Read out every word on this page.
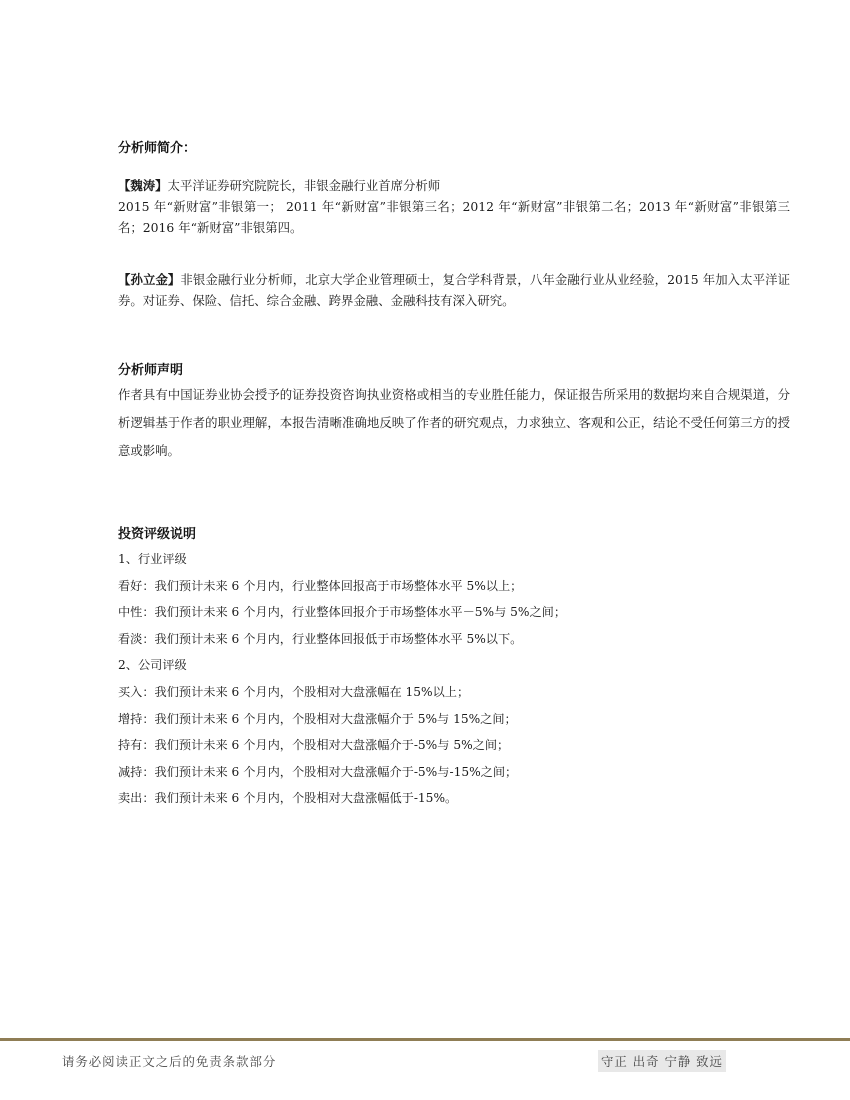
分析师简介：
【魏涛】太平洋证券研究院院长，非银金融行业首席分析师
2015 年“新财富”非银第一； 2011 年“新财富”非银第三名；2012 年“新财富”非银第二名；2013 年“新财富”非银第三名；2016 年“新财富”非银第四。
【孙立金】非银金融行业分析师，北京大学企业管理硕士，复合学科背景，八年金融行业从业经验，2015 年加入太平洋证券。对证券、保险、信托、综合金融、跨界金融、金融科技有深入研究。
分析师声明
作者具有中国证券业协会授予的证券投资咨询执业资格或相当的专业胜任能力，保证报告所采用的数据均来自合规渠道，分析逻辑基于作者的职业理解，本报告清晰准确地反映了作者的研究观点，力求独立、客观和公正，结论不受任何第三方的授意或影响。
投资评级说明
1、行业评级
看好：我们预计未来 6 个月内，行业整体回报高于市场整体水平 5%以上；
中性：我们预计未来 6 个月内，行业整体回报介于市场整体水平－5%与 5%之间；
看淡：我们预计未来 6 个月内，行业整体回报低于市场整体水平 5%以下。
2、公司评级
买入：我们预计未来 6 个月内，个股相对大盘涨幅在 15%以上；
增持：我们预计未来 6 个月内，个股相对大盘涨幅介于 5%与 15%之间；
持有：我们预计未来 6 个月内，个股相对大盘涨幅介于-5%与 5%之间；
减持：我们预计未来 6 个月内，个股相对大盘涨幅介于-5%与-15%之间；
卖出：我们预计未来 6 个月内，个股相对大盘涨幅低于-15%。
请务必阅读正文之后的免责条款部分	守正 出奇 宁静 致远
